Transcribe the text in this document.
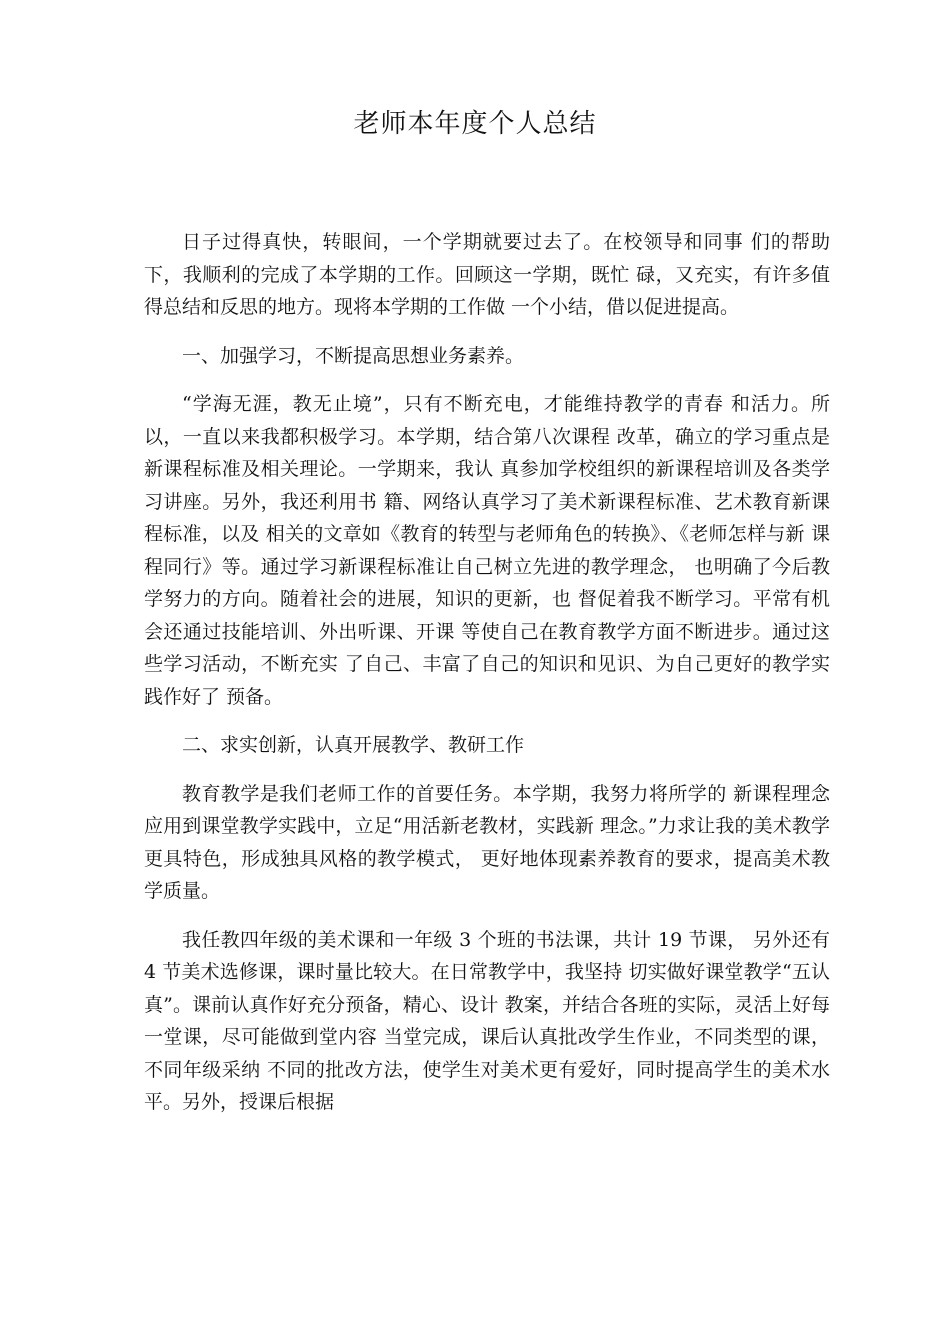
老师本年度个人总结

日子过得真快，转眼间，一个学期就要过去了。在校领导和同事 们的帮助下，我顺利的完成了本学期的工作。回顾这一学期，既忙 碌，又充实，有许多值得总结和反思的地方。现将本学期的工作做 一个小结，借以促进提高。

一、加强学习，不断提高思想业务素养。

“学海无涯，教无止境”，只有不断充电，才能维持教学的青春 和活力。所以，一直以来我都积极学习。本学期，结合第八次课程 改革，确立的学习重点是新课程标准及相关理论。一学期来，我认 真参加学校组织的新课程培训及各类学习讲座。另外，我还利用书 籍、网络认真学习了美术新课程标准、艺术教育新课程标准，以及 相关的文章如《教育的转型与老师角色的转换》、《老师怎样与新 课程同行》等。通过学习新课程标准让自己树立先进的教学理念， 也明确了今后教学努力的方向。随着社会的进展，知识的更新，也 督促着我不断学习。平常有机会还通过技能培训、外出听课、开课 等使自己在教育教学方面不断进步。通过这些学习活动，不断充实 了自己、丰富了自己的知识和见识、为自己更好的教学实践作好了 预备。

二、求实创新，认真开展教学、教研工作

教育教学是我们老师工作的首要任务。本学期，我努力将所学的 新课程理念应用到课堂教学实践中，立足“用活新老教材，实践新 理念。”力求让我的美术教学更具特色，形成独具风格的教学模式， 更好地体现素养教育的要求，提高美术教学质量。

我任教四年级的美术课和一年级 3 个班的书法课，共计 19 节课， 另外还有 4 节美术选修课，课时量比较大。在日常教学中，我坚持 切实做好课堂教学“五认真”。课前认真作好充分预备，精心、设计 教案，并结合各班的实际，灵活上好每一堂课，尽可能做到堂内容 当堂完成，课后认真批改学生作业，不同类型的课，不同年级采纳 不同的批改方法，使学生对美术更有爱好，同时提高学生的美术水 平。另外，授课后根据
